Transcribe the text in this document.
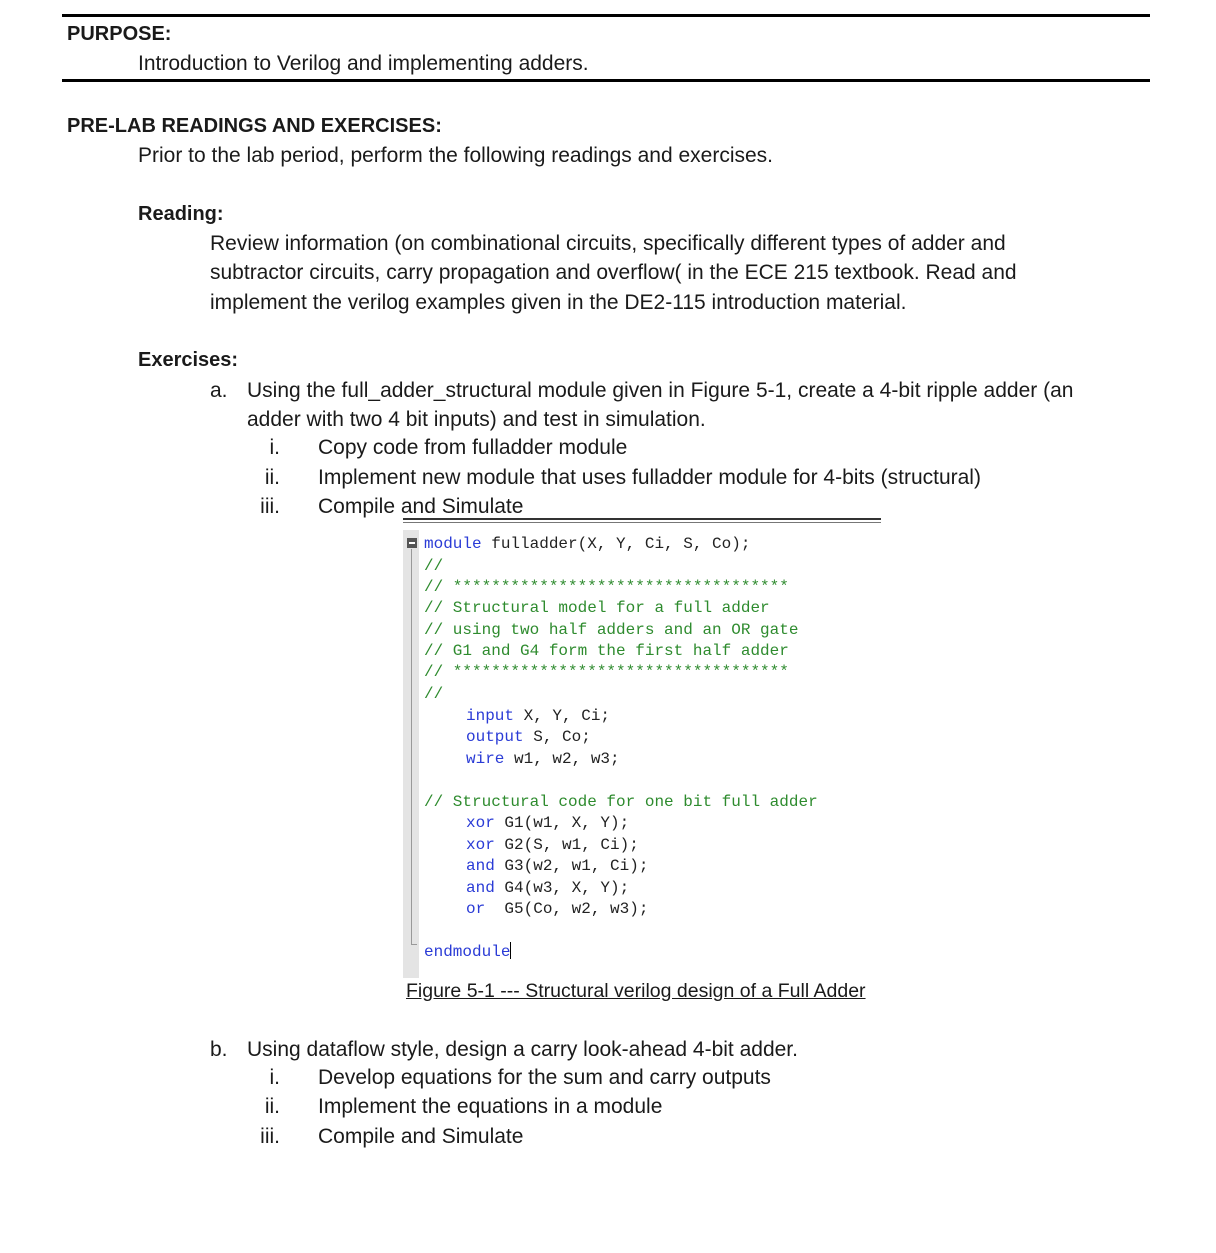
PURPOSE:
Introduction to Verilog and implementing adders.
PRE-LAB READINGS AND EXERCISES:
Prior to the lab period, perform the following readings and exercises.
Reading:
Review information (on combinational circuits, specifically different types of adder and
subtractor circuits, carry propagation and overflow( in the ECE 215 textbook. Read and
implement the verilog examples given in the DE2-115 introduction material.
Exercises:
a. Using the full_adder_structural module given in Figure 5-1, create a 4-bit ripple adder (an
adder with two 4 bit inputs) and test in simulation.
i. Copy code from fulladder module
ii. Implement new module that uses fulladder module for 4-bits (structural)
iii. Compile and Simulate
module fulladder(X, Y, Ci, S, Co);
//
// ***********************************
// Structural model for a full adder
// using two half adders and an OR gate
// G1 and G4 form the first half adder
// ***********************************
//
input X, Y, Ci;
output S, Co;
wire w1, w2, w3;
// Structural code for one bit full adder
xor G1(w1, X, Y);
xor G2(S, w1, Ci);
and G3(w2, w1, Ci);
and G4(w3, X, Y);
or  G5(Co, w2, w3);
endmodule
Figure 5-1 --- Structural verilog design of a Full Adder
b. Using dataflow style, design a carry look-ahead 4-bit adder.
i. Develop equations for the sum and carry outputs
ii. Implement the equations in a module
iii. Compile and Simulate
